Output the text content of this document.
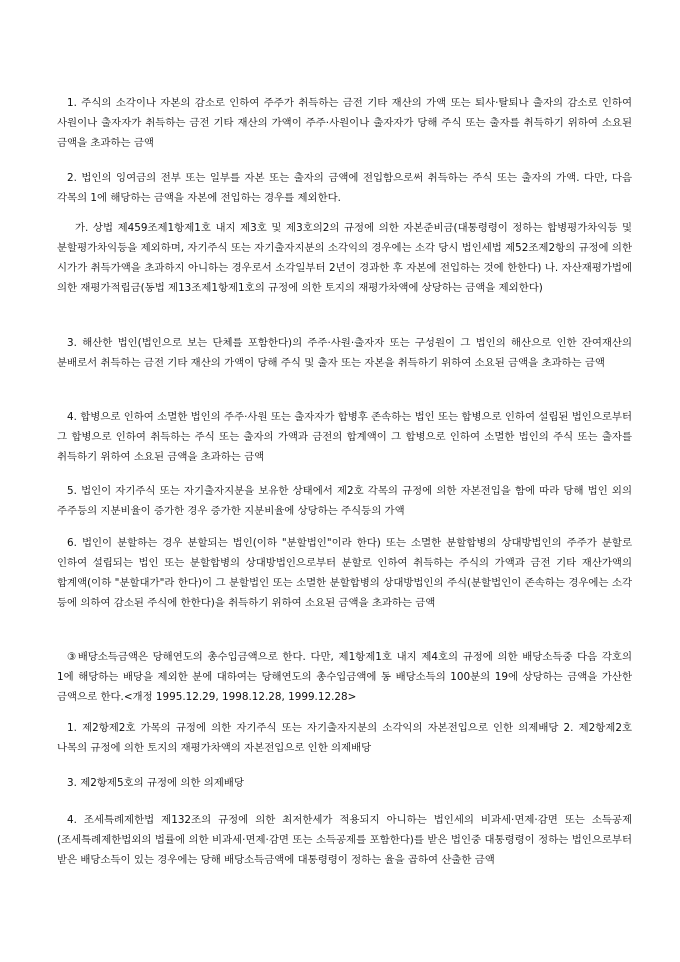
1. 주식의 소각이나 자본의 감소로 인하여 주주가 취득하는 금전 기타 재산의 가액 또는 퇴사·탈퇴나 출자의 감소로 인하여 사원이나 출자자가 취득하는 금전 기타 재산의 가액이 주주·사원이나 출자자가 당해 주식 또는 출자를 취득하기 위하여 소요된 금액을 초과하는 금액

2. 법인의 잉여금의 전부 또는 일부를 자본 또는 출자의 금액에 전입함으로써 취득하는 주식 또는 출자의 가액. 다만, 다음 각목의 1에 해당하는 금액을 자본에 전입하는 경우를 제외한다.

가. 상법 제459조제1항제1호 내지 제3호 및 제3호의2의 규정에 의한 자본준비금(대통령령이 정하는 합병평가차익등 및 분할평가차익등을 제외하며, 자기주식 또는 자기출자지분의 소각익의 경우에는 소각 당시 법인세법 제52조제2항의 규정에 의한 시가가 취득가액을 초과하지 아니하는 경우로서 소각일부터 2년이 경과한 후 자본에 전입하는 것에 한한다) 나. 자산재평가법에 의한 재평가적립금(동법 제13조제1항제1호의 규정에 의한 토지의 재평가차액에 상당하는 금액을 제외한다)

3. 해산한 법인(법인으로 보는 단체를 포함한다)의 주주·사원·출자자 또는 구성원이 그 법인의 해산으로 인한 잔여재산의 분배로서 취득하는 금전 기타 재산의 가액이 당해 주식 및 출자 또는 자본을 취득하기 위하여 소요된 금액을 초과하는 금액

4. 합병으로 인하여 소멸한 법인의 주주·사원 또는 출자자가 합병후 존속하는 법인 또는 합병으로 인하여 설립된 법인으로부터 그 합병으로 인하여 취득하는 주식 또는 출자의 가액과 금전의 합계액이 그 합병으로 인하여 소멸한 법인의 주식 또는 출자를 취득하기 위하여 소요된 금액을 초과하는 금액

5. 법인이 자기주식 또는 자기출자지분을 보유한 상태에서 제2호 각목의 규정에 의한 자본전입을 함에 따라 당해 법인 외의 주주등의 지분비율이 증가한 경우 증가한 지분비율에 상당하는 주식등의 가액

6. 법인이 분할하는 경우 분할되는 법인(이하 "분할법인"이라 한다) 또는 소멸한 분할합병의 상대방법인의 주주가 분할로 인하여 설립되는 법인 또는 분할합병의 상대방법인으로부터 분할로 인하여 취득하는 주식의 가액과 금전 기타 재산가액의 합계액(이하 "분할대가"라 한다)이 그 분할법인 또는 소멸한 분할합병의 상대방법인의 주식(분할법인이 존속하는 경우에는 소각 등에 의하여 감소된 주식에 한한다)을 취득하기 위하여 소요된 금액을 초과하는 금액

③배당소득금액은 당해연도의 총수입금액으로 한다. 다만, 제1항제1호 내지 제4호의 규정에 의한 배당소득중 다음 각호의 1에 해당하는 배당을 제외한 분에 대하여는 당해연도의 총수입금액에 동 배당소득의 100분의 19에 상당하는 금액을 가산한 금액으로 한다.<개정 1995.12.29, 1998.12.28, 1999.12.28>

1. 제2항제2호 가목의 규정에 의한 자기주식 또는 자기출자지분의 소각익의 자본전입으로 인한 의제배당 2. 제2항제2호 나목의 규정에 의한 토지의 재평가차액의 자본전입으로 인한 의제배당

3. 제2항제5호의 규정에 의한 의제배당

4. 조세특례제한법 제132조의 규정에 의한 최저한세가 적용되지 아니하는 법인세의 비과세·면제·감면 또는 소득공제(조세특례제한법외의 법률에 의한 비과세·면제·감면 또는 소득공제를 포함한다)를 받은 법인중 대통령령이 정하는 법인으로부터 받은 배당소득이 있는 경우에는 당해 배당소득금액에 대통령령이 정하는 율을 곱하여 산출한 금액
